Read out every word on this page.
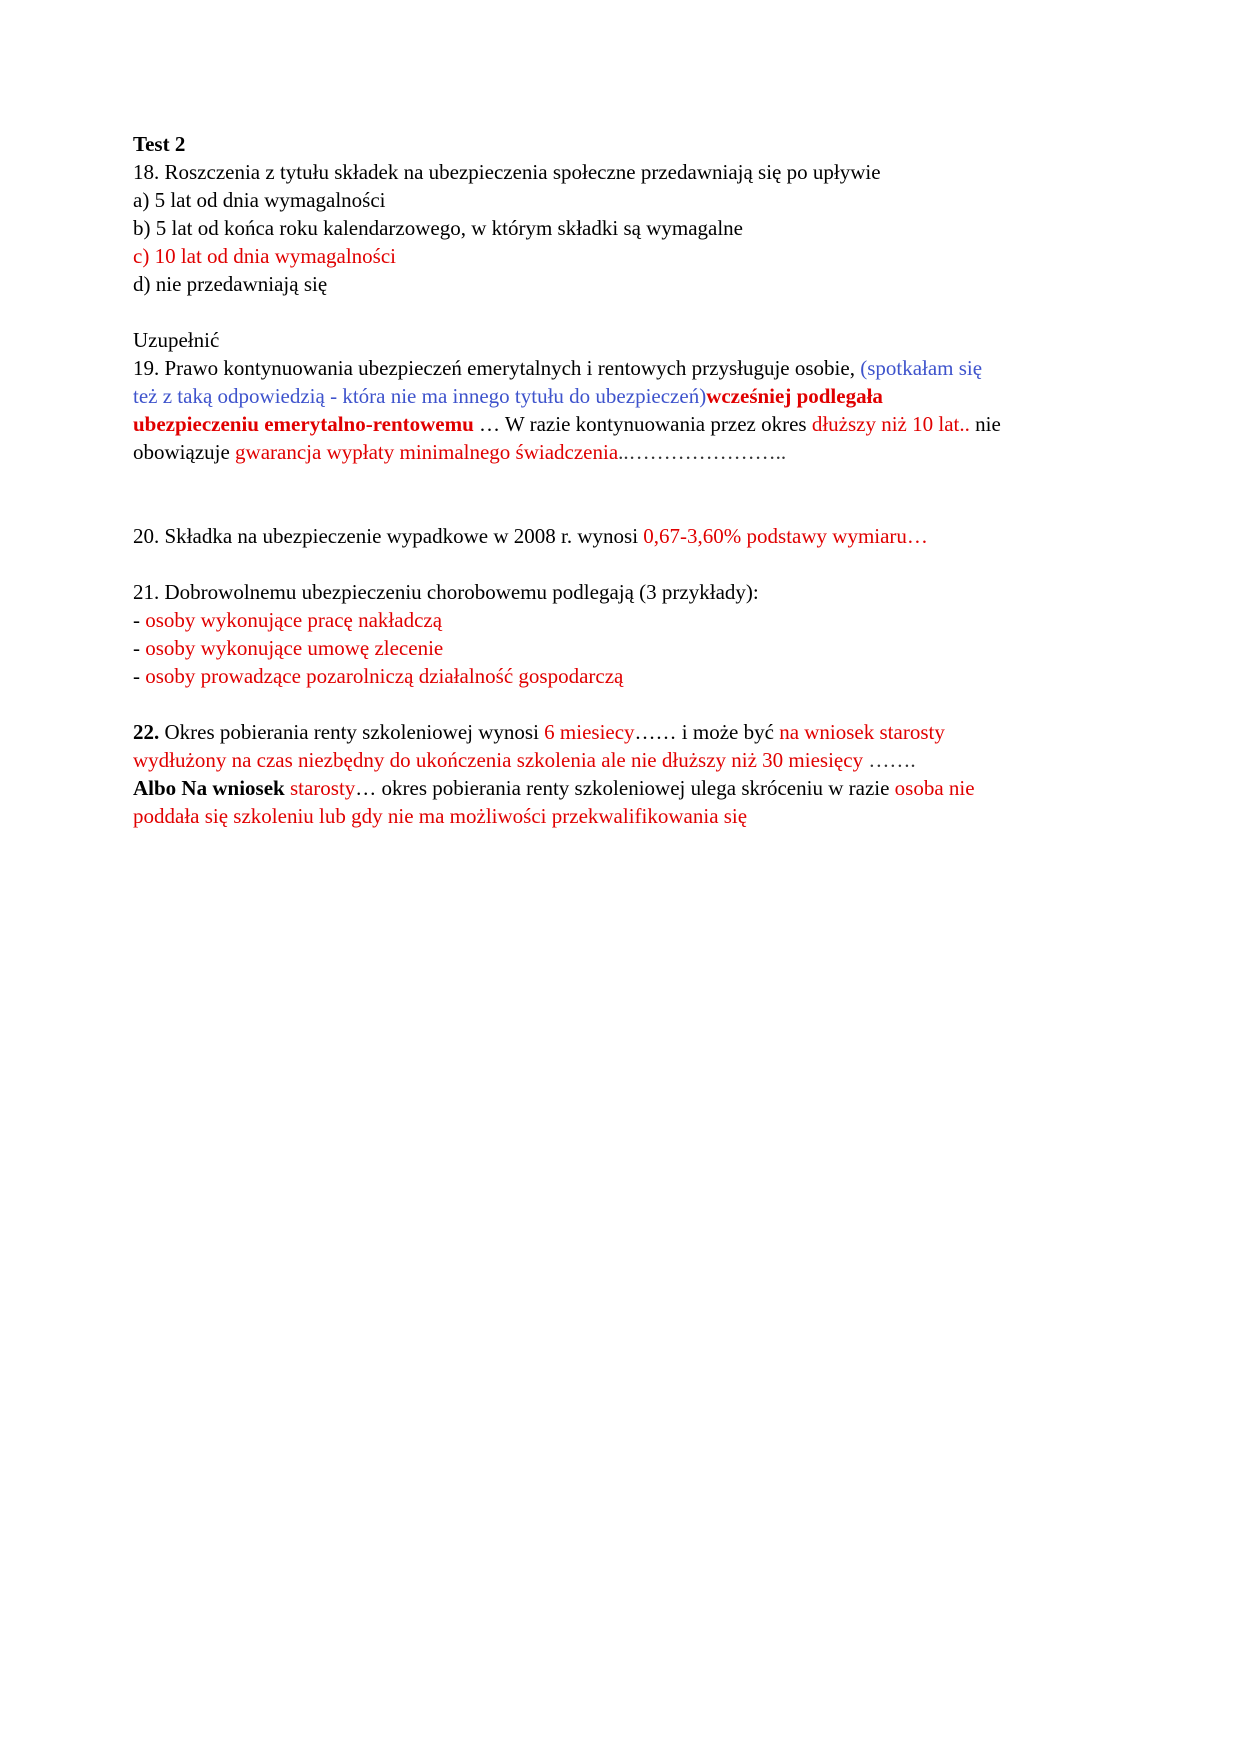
Test 2
18. Roszczenia z tytułu składek na ubezpieczenia społeczne przedawniają się po upływie
a) 5 lat od dnia wymagalności
b) 5 lat od końca roku kalendarzowego, w którym składki są wymagalne
c) 10 lat od dnia wymagalności
d) nie przedawniają się
Uzupełnić
19. Prawo kontynuowania ubezpieczeń emerytalnych i rentowych przysługuje osobie, (spotkałam się
też z taką odpowiedzią - która nie ma innego tytułu do ubezpieczeń)wcześniej podlegała
ubezpieczeniu emerytalno-rentowemu … W razie kontynuowania przez okres dłuższy niż 10 lat.. nie
obowiązuje gwarancja wypłaty minimalnego świadczenia..…………………..
20. Składka na ubezpieczenie wypadkowe w 2008 r. wynosi 0,67-3,60% podstawy wymiaru…
21. Dobrowolnemu ubezpieczeniu chorobowemu podlegają (3 przykłady):
- osoby wykonujące pracę nakładczą
- osoby wykonujące umowę zlecenie
- osoby prowadzące pozarolniczą działalność gospodarczą
22. Okres pobierania renty szkoleniowej wynosi 6 miesiecy…… i może być na wniosek starosty
wydłużony na czas niezbędny do ukończenia szkolenia ale nie dłuższy niż 30 miesięcy …….
Albo Na wniosek starosty… okres pobierania renty szkoleniowej ulega skróceniu w razie osoba nie
poddała się szkoleniu lub gdy nie ma możliwości przekwalifikowania się
